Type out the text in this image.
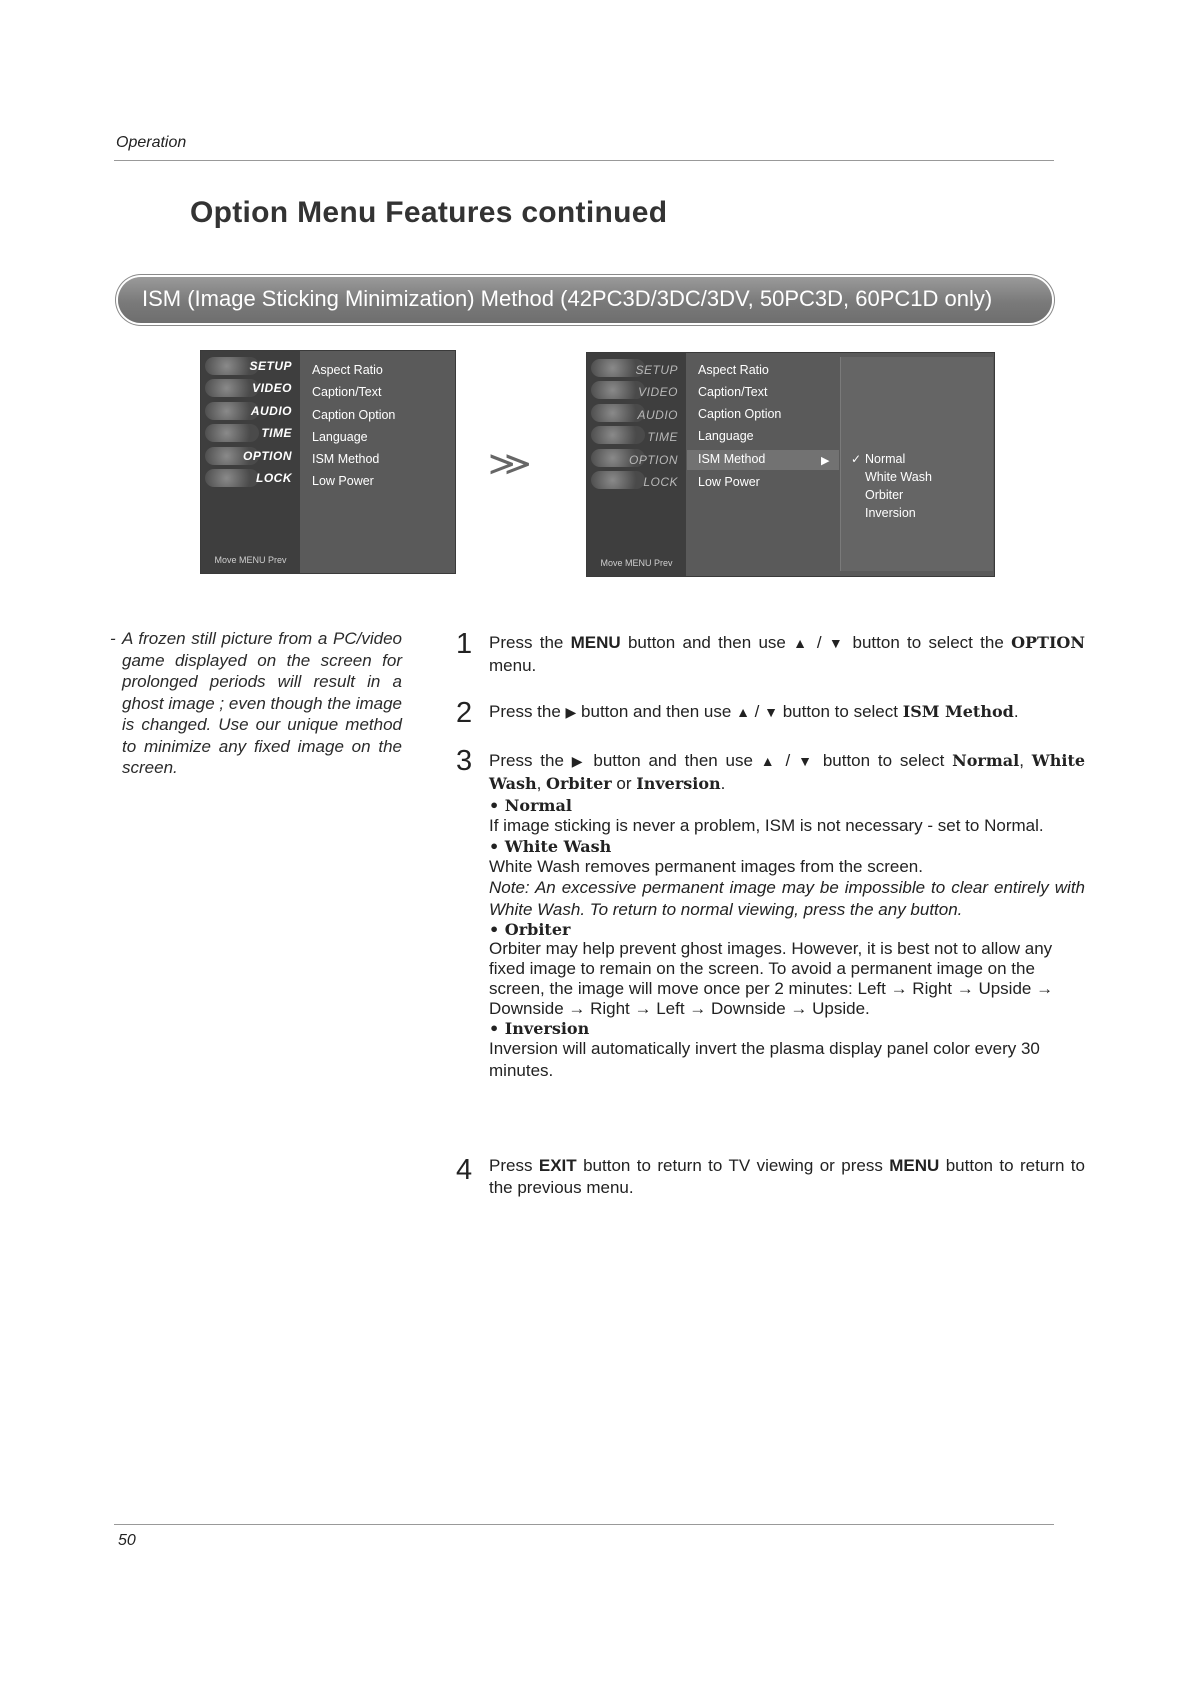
Operation
Option Menu Features continued
ISM (Image Sticking Minimization) Method (42PC3D/3DC/3DV, 50PC3D, 60PC1D only)
SETUP
VIDEO
AUDIO
TIME
OPTION
LOCK
Move MENU Prev
Aspect Ratio
Caption/Text
Caption Option
Language
ISM Method
Low Power	≫
SETUP
VIDEO
AUDIO
TIME
OPTION
LOCK
Move MENU Prev
Aspect Ratio
Caption/Text
Caption Option
Language
ISM Method	▶
Low Power
✓ Normal
White Wash
Orbiter
Inversion
- A frozen still picture from a PC/video game displayed on the screen for prolonged periods will result in a ghost image ; even though the image is changed. Use our unique method to minimize any fixed image on the screen.
1 Press the MENU button and then use ▲ / ▼ button to select the OPTION menu.
2 Press the ▶ button and then use ▲ / ▼ button to select ISM Method.
3 Press the ▶ button and then use ▲ / ▼ button to select Normal, White Wash, Orbiter or Inversion.
• Normal
If image sticking is never a problem, ISM is not necessary - set to Normal.
• White Wash
White Wash removes permanent images from the screen.
Note: An excessive permanent image may be impossible to clear entirely with White Wash. To return to normal viewing, press the any button.
• Orbiter
Orbiter may help prevent ghost images. However, it is best not to allow any fixed image to remain on the screen. To avoid a permanent image on the screen, the image will move once per 2 minutes: Left → Right → Upside → Downside → Right → Left → Downside → Upside.
• Inversion
Inversion will automatically invert the plasma display panel color every 30 minutes.
4 Press EXIT button to return to TV viewing or press MENU button to return to the previous menu.
50
